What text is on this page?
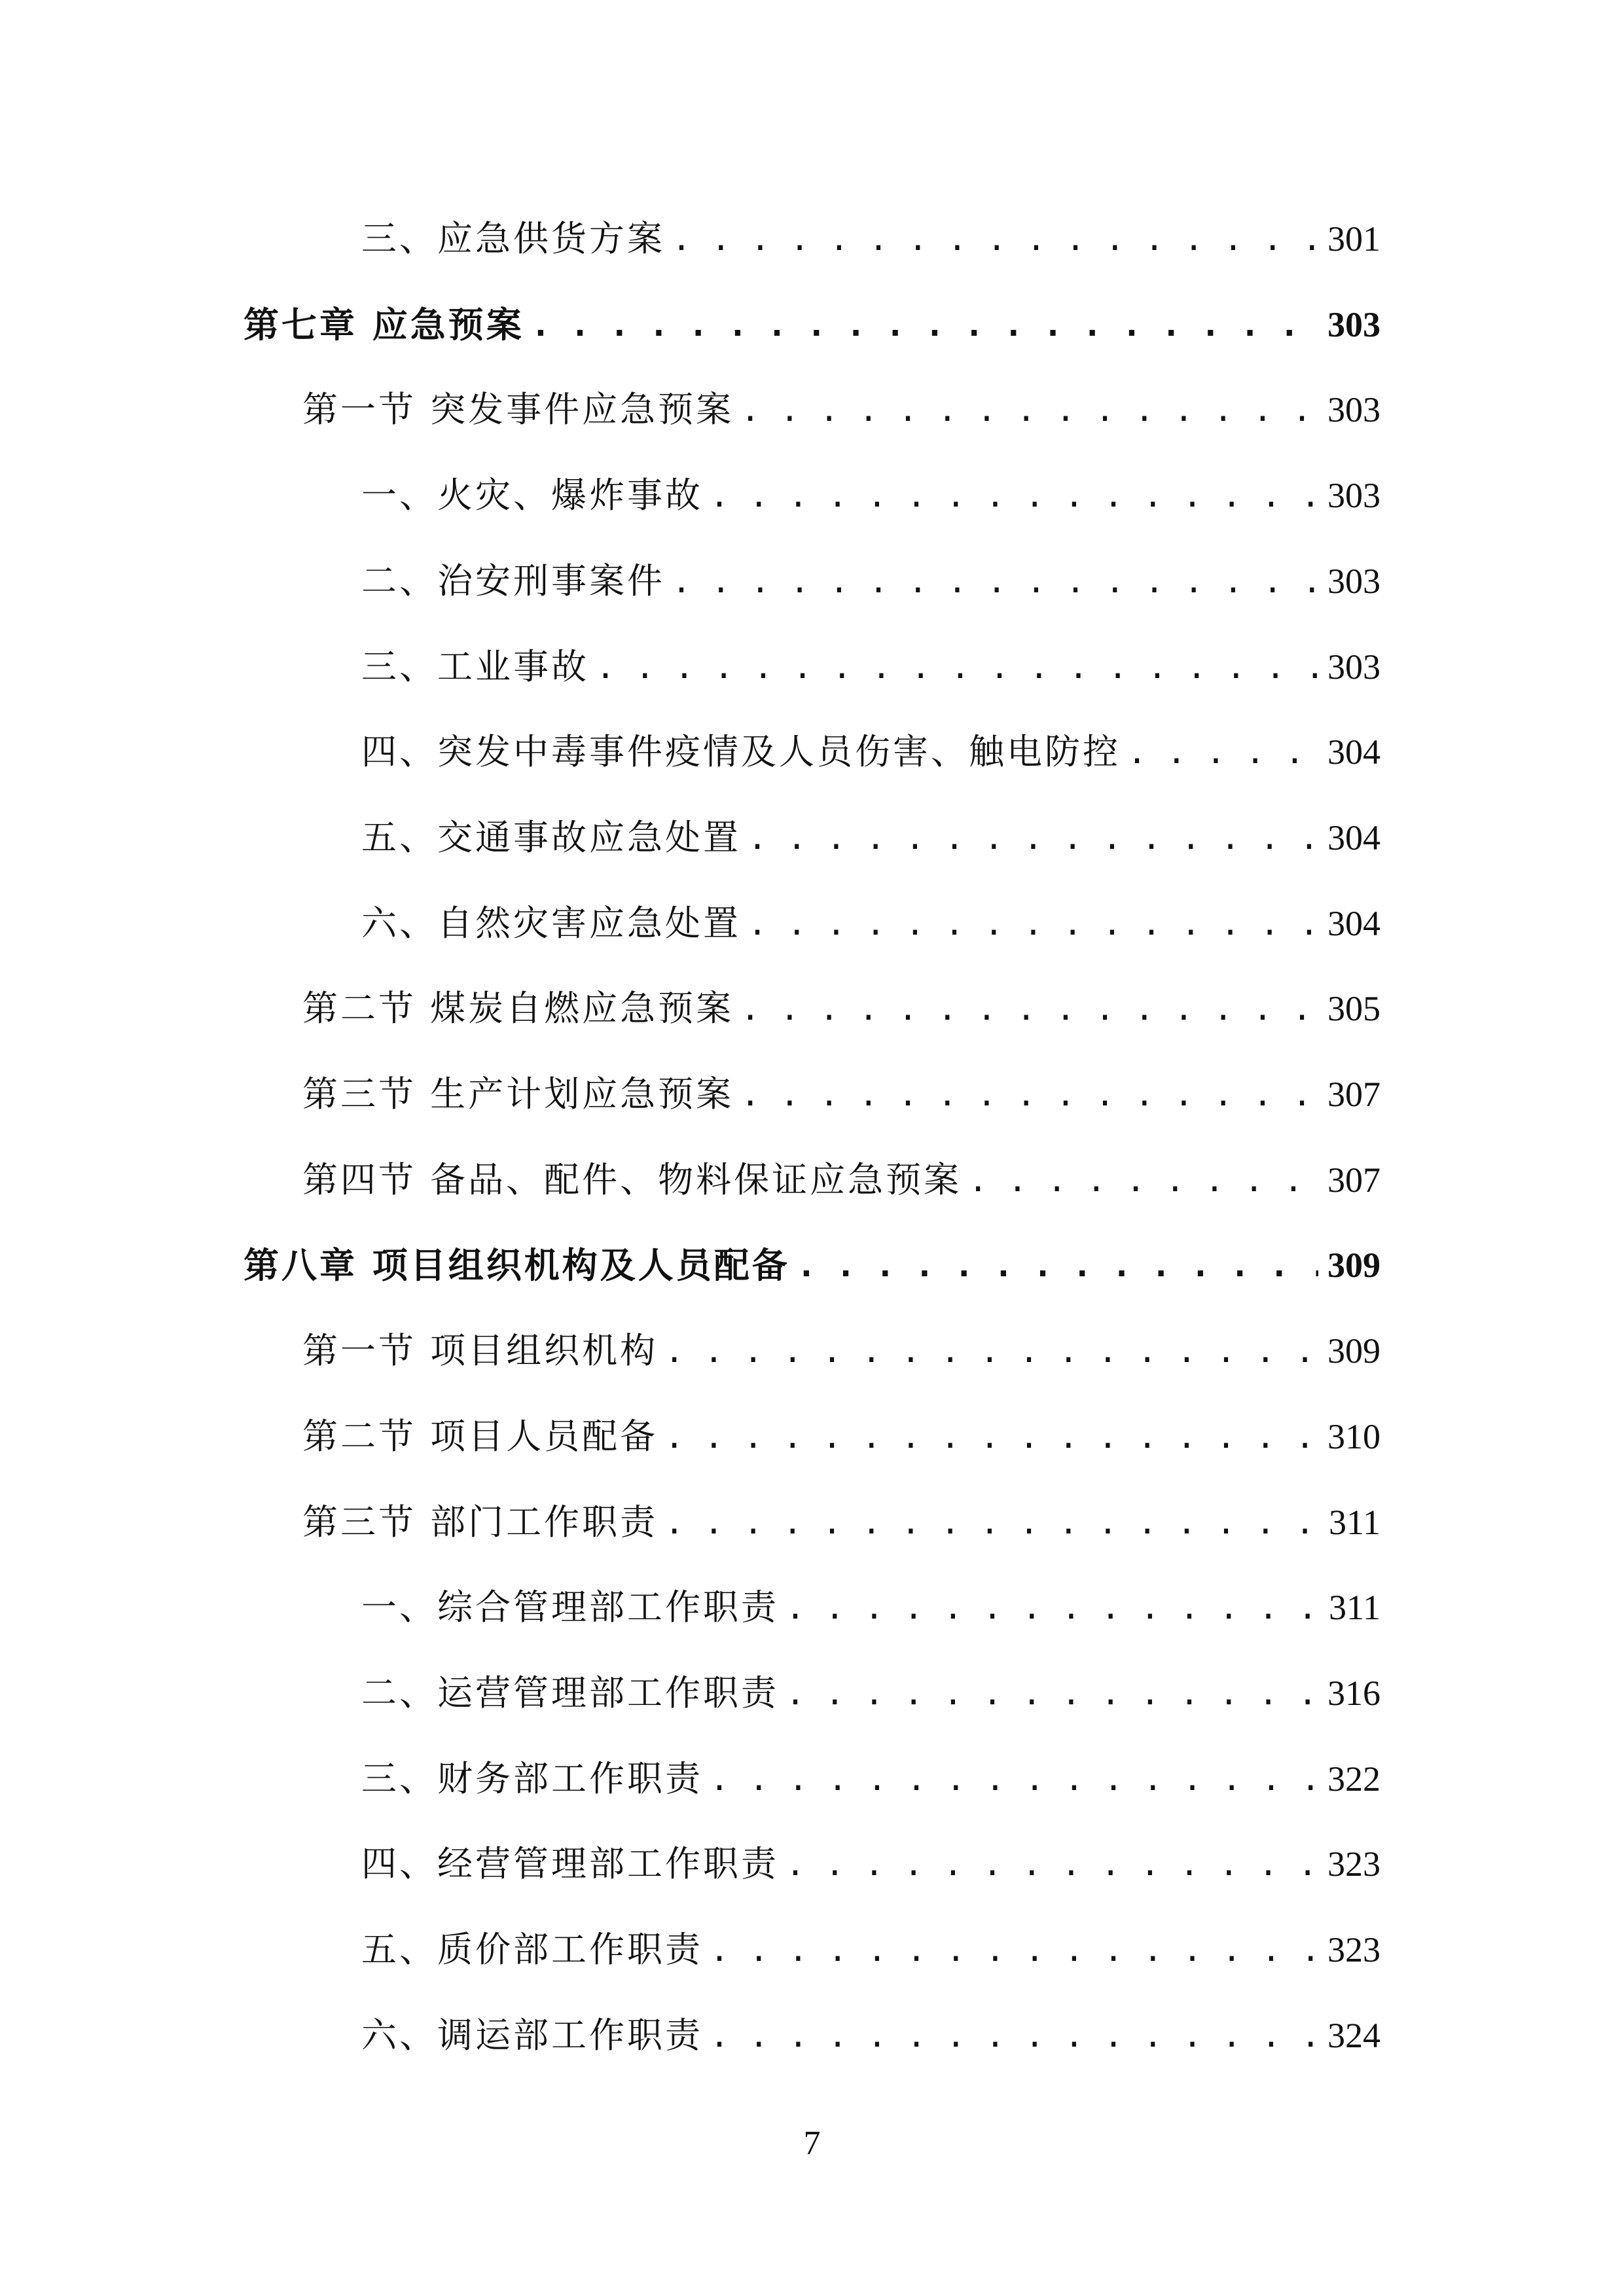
三、应急供货方案 . . .	301
第七章 应急预案 . . .	303
第一节 突发事件应急预案 . . .	303
一、火灾、爆炸事故 . . .	303
二、治安刑事案件 . . .	303
三、工业事故 . . .	303
四、突发中毒事件疫情及人员伤害、触电防控 . . .	304
五、交通事故应急处置 . . .	304
六、自然灾害应急处置 . . .	304
第二节 煤炭自燃应急预案 . . .	305
第三节 生产计划应急预案 . . .	307
第四节 备品、配件、物料保证应急预案 . . .	307
第八章 项目组织机构及人员配备 . . .	309
第一节 项目组织机构 . . .	309
第二节 项目人员配备 . . .	310
第三节 部门工作职责 . . .	311
一、综合管理部工作职责 . . .	311
二、运营管理部工作职责 . . .	316
三、财务部工作职责 . . .	322
四、经营管理部工作职责 . . .	323
五、质价部工作职责 . . .	323
六、调运部工作职责 . . .	324
7
